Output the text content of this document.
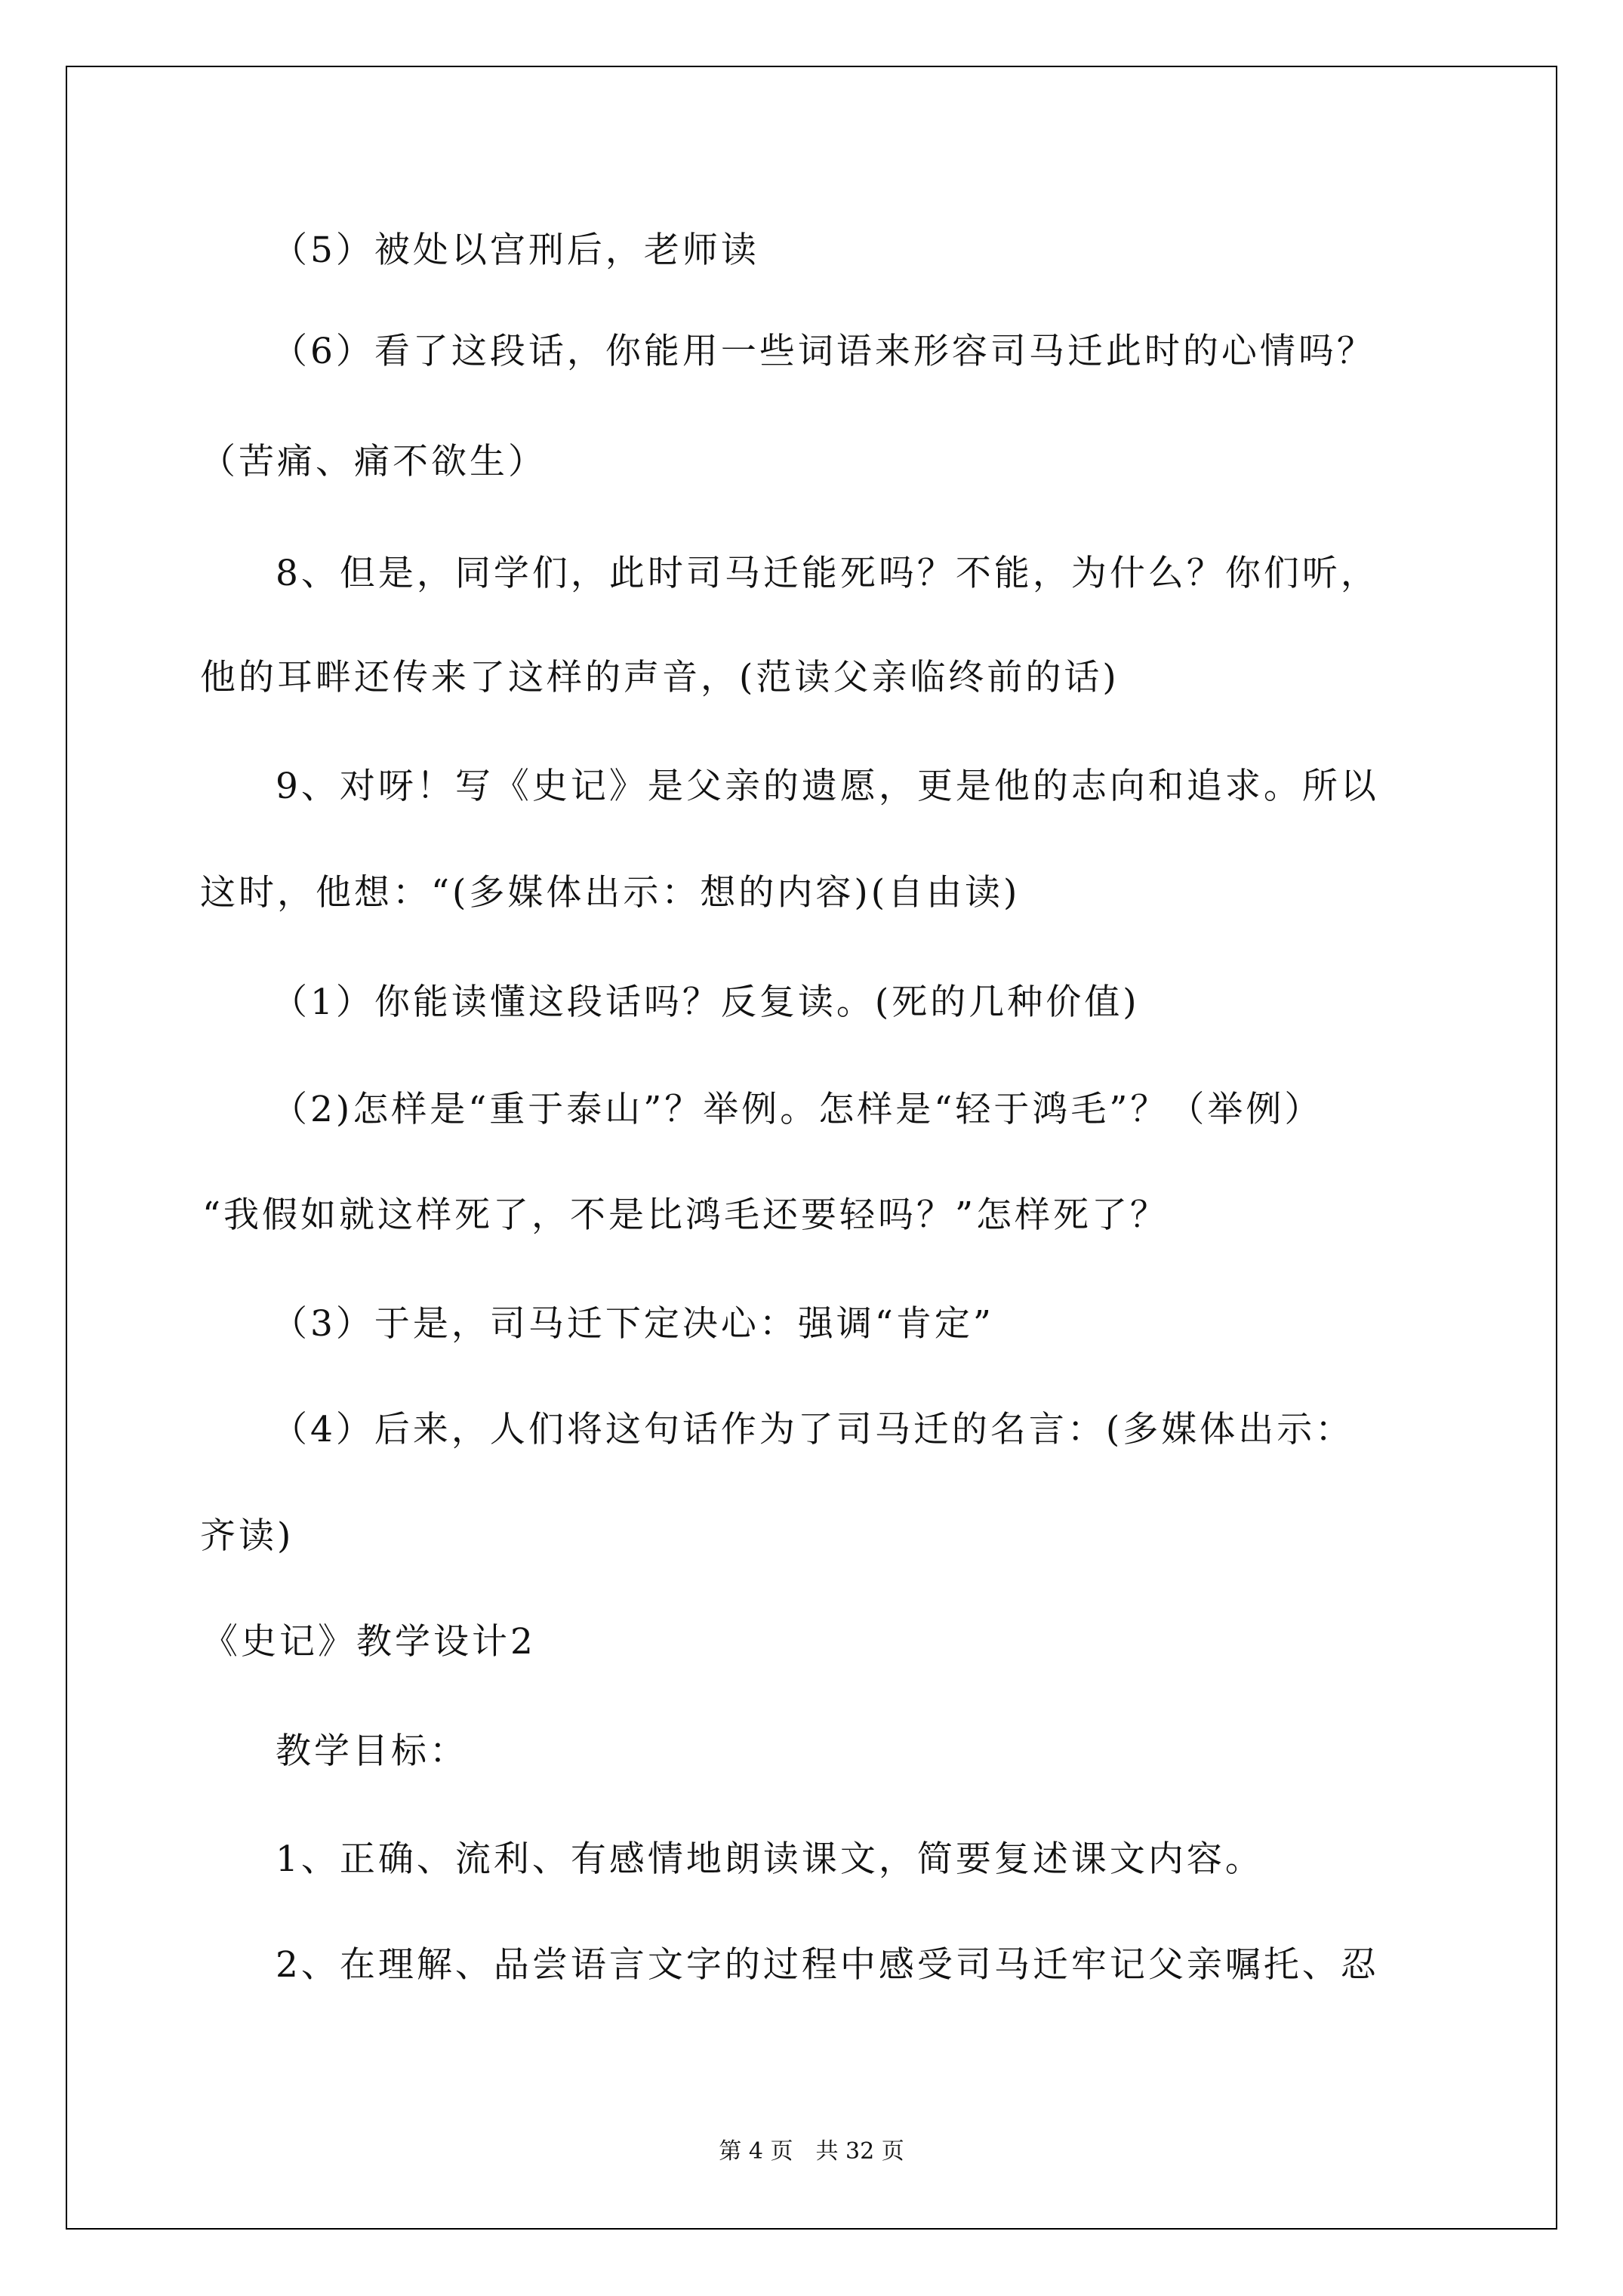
（5）被处以宫刑后，老师读
（6）看了这段话，你能用一些词语来形容司马迁此时的心情吗？
（苦痛、痛不欲生）
8、但是，同学们，此时司马迁能死吗？不能，为什么？你们听，
他的耳畔还传来了这样的声音，(范读父亲临终前的话)
9、对呀！写《史记》是父亲的遗愿，更是他的志向和追求。所以
这时，他想：“(多媒体出示：想的内容)(自由读)
（1）你能读懂这段话吗？反复读。(死的几种价值)
（2)怎样是“重于泰山”？举例。怎样是“轻于鸿毛”？（举例）
“我假如就这样死了，不是比鸿毛还要轻吗？”怎样死了？
（3）于是，司马迁下定决心：强调“肯定”
（4）后来，人们将这句话作为了司马迁的名言：(多媒体出示：
齐读)
《史记》教学设计2
教学目标：
1、正确、流利、有感情地朗读课文，简要复述课文内容。
2、在理解、品尝语言文字的过程中感受司马迁牢记父亲嘱托、忍
第 4 页 共 32 页
